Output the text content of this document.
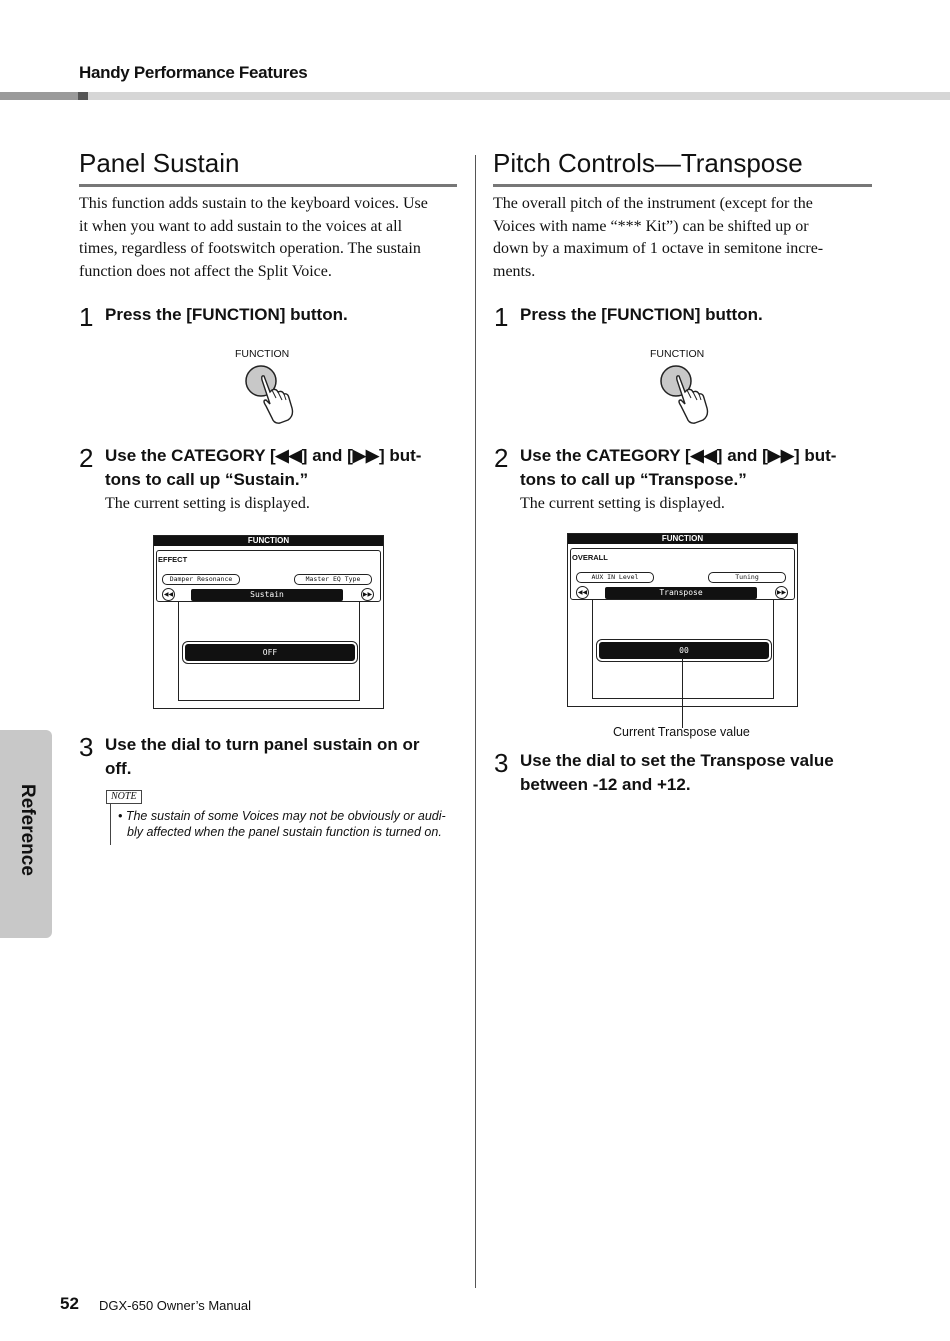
Handy Performance Features
Reference
Panel Sustain
This function adds sustain to the keyboard voices. Use
it when you want to add sustain to the voices at all
times, regardless of footswitch operation. The sustain
function does not affect the Split Voice.
1 Press the [FUNCTION] button.
FUNCTION
2 Use the CATEGORY [◀◀] and [▶▶] but-
tons to call up “Sustain.”
The current setting is displayed.
FUNCTION
EFFECT
Damper Resonance	Master EQ Type
◀◀	▶▶
Sustain
OFF
3 Use the dial to turn panel sustain on or
off.
NOTE
• The sustain of some Voices may not be obviously or audi-
bly affected when the panel sustain function is turned on.
Pitch Controls—Transpose
The overall pitch of the instrument (except for the
Voices with name “*** Kit”) can be shifted up or
down by a maximum of 1 octave in semitone incre-
ments.
1 Press the [FUNCTION] button.
FUNCTION
2 Use the CATEGORY [◀◀] and [▶▶] but-
tons to call up “Transpose.”
The current setting is displayed.
FUNCTION
OVERALL
AUX IN Level	Tuning
◀◀	▶▶
Transpose
00
Current Transpose value
3 Use the dial to set the Transpose value
between -12 and +12.
52 DGX-650 Owner’s Manual
